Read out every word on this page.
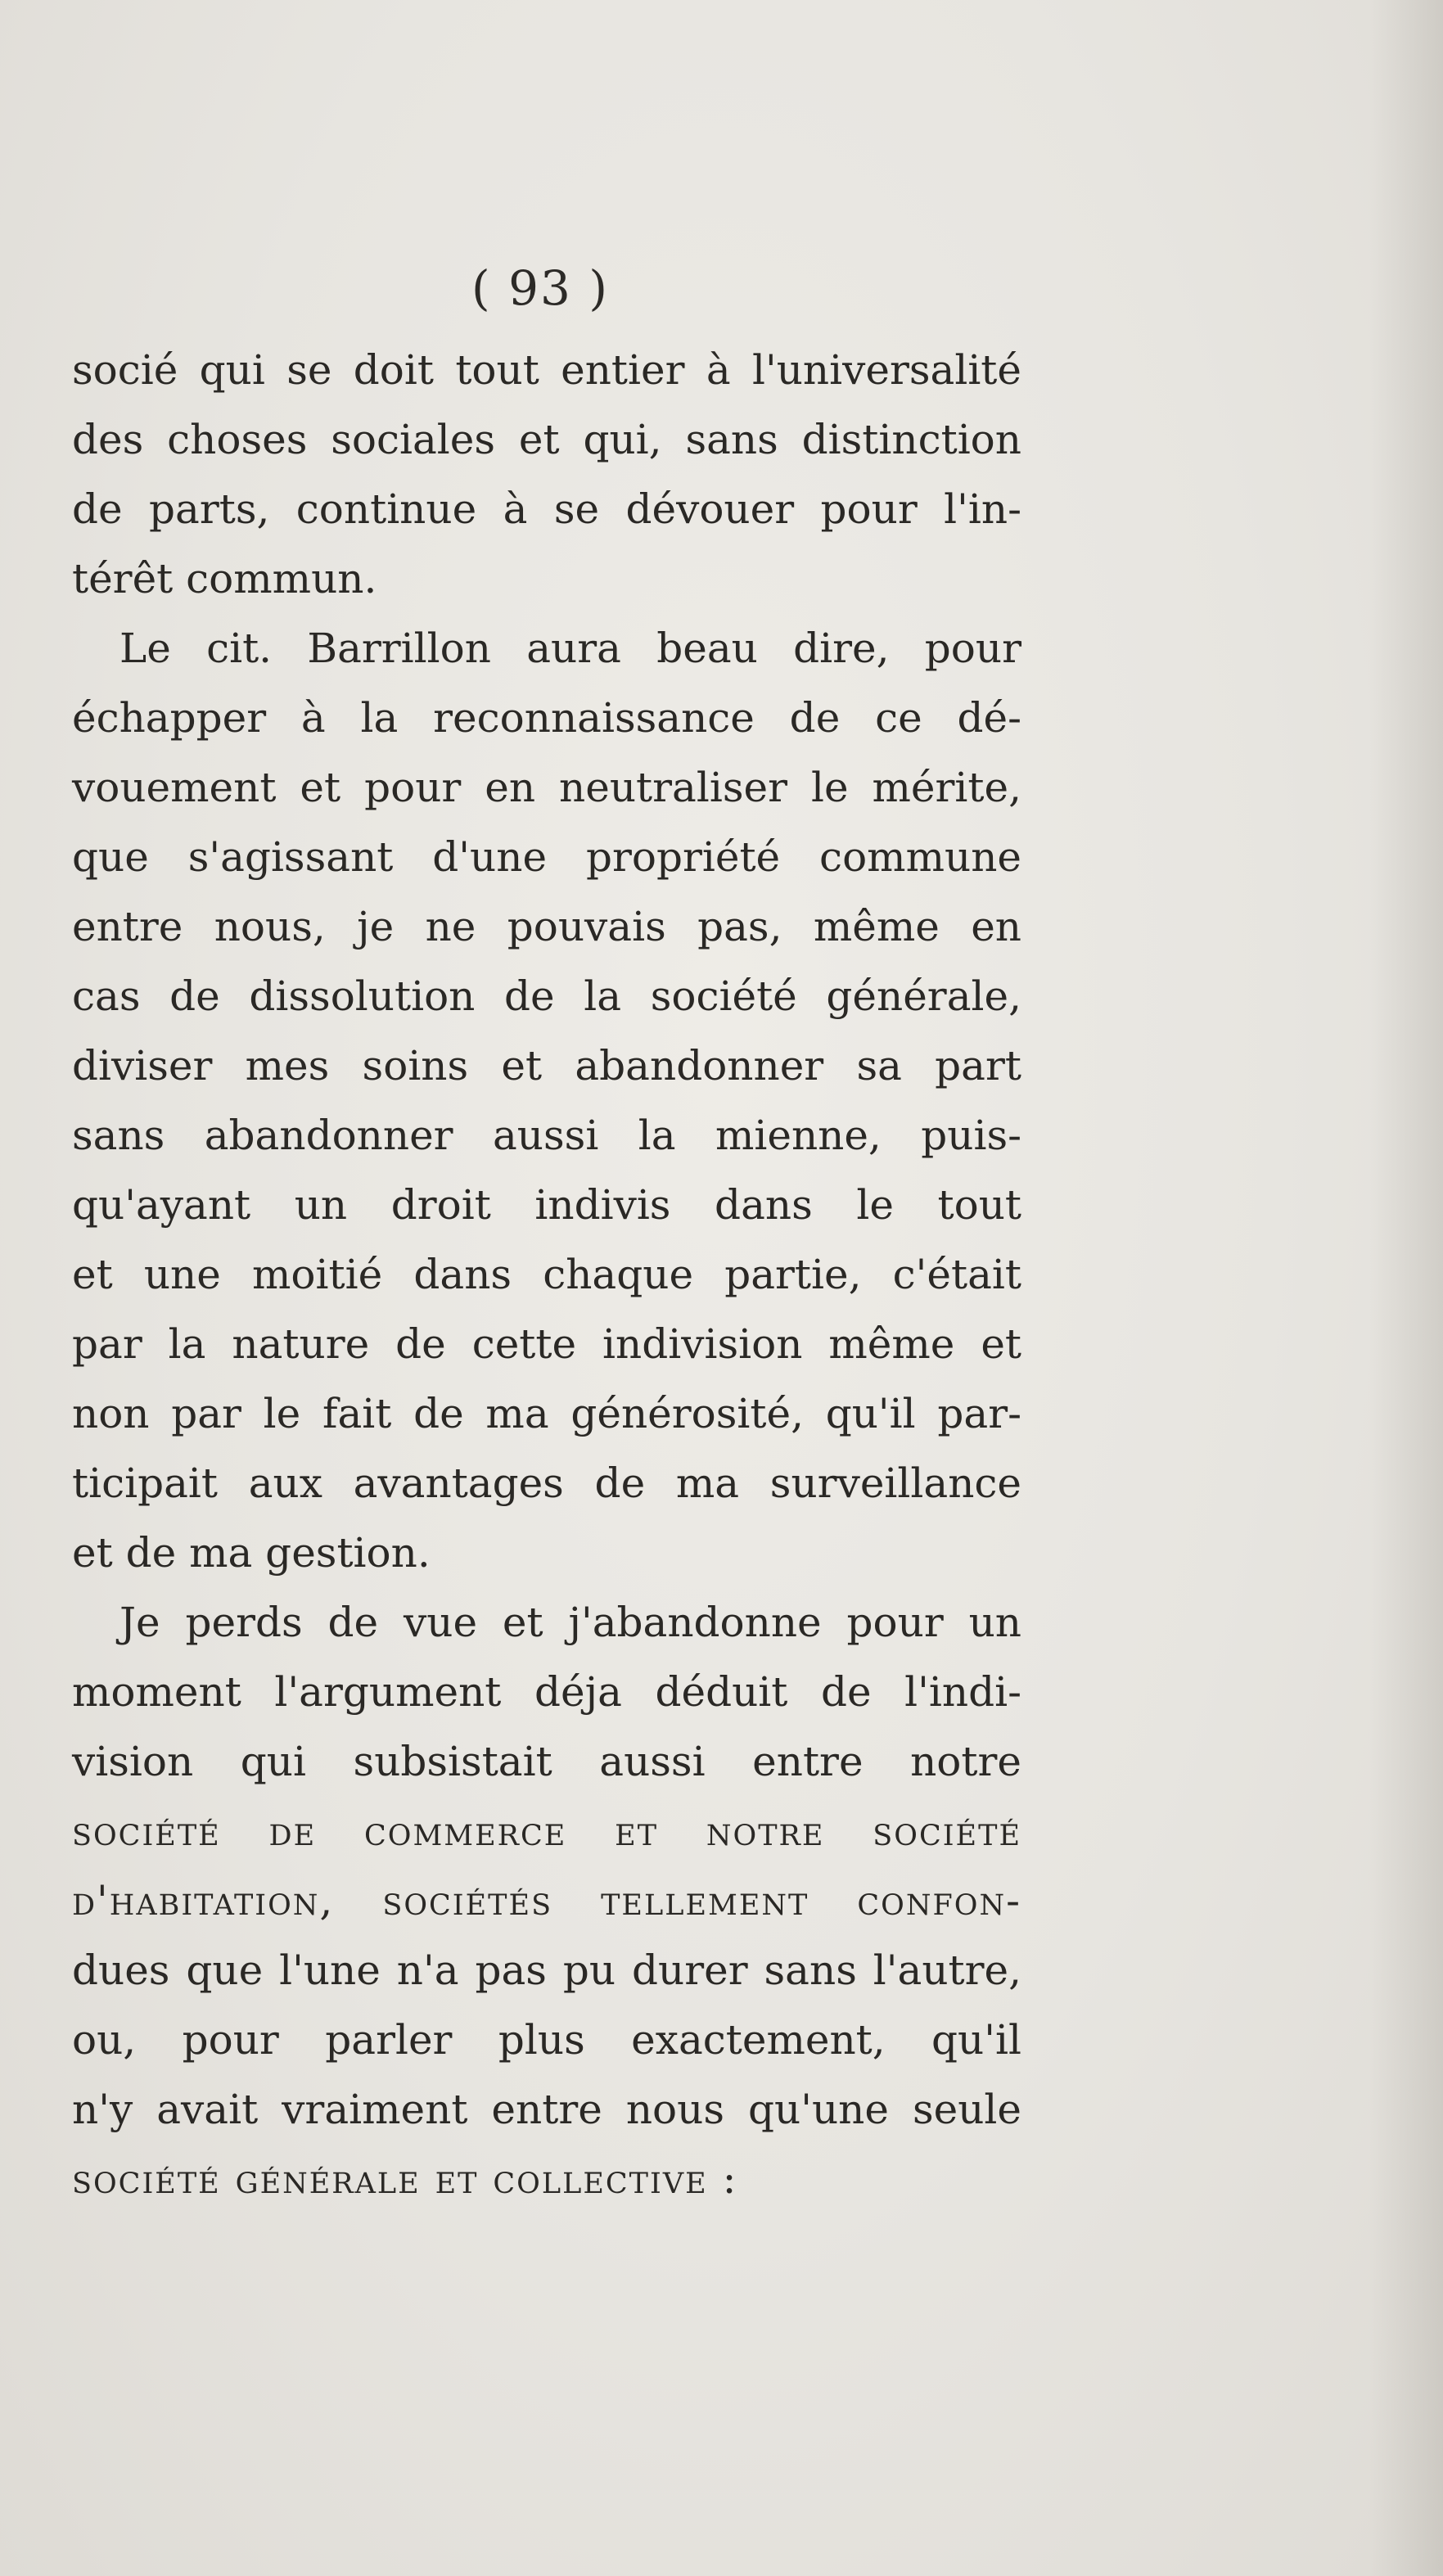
( 93 )

socié qui se doit tout entier à l'universalité
des choses sociales et qui, sans distinction
de parts, continue à se dévouer pour l'in-
térêt commun.

Le cit. Barrillon aura beau dire, pour
échapper à la reconnaissance de ce dé-
vouement et pour en neutraliser le mérite,
que s'agissant d'une propriété commune
entre nous, je ne pouvais pas, même en
cas de dissolution de la société générale,
diviser mes soins et abandonner sa part
sans abandonner aussi la mienne, puis-
qu'ayant un droit indivis dans le tout
et une moitié dans chaque partie, c'était
par la nature de cette indivision même et
non par le fait de ma générosité, qu'il par-
ticipait aux avantages de ma surveillance
et de ma gestion.

Je perds de vue et j'abandonne pour un
moment l'argument déja déduit de l'indi-
vision qui subsistait aussi entre notre
société de commerce et notre société
d'habitation, sociétés tellement confon-
dues que l'une n'a pas pu durer sans l'autre,
ou, pour parler plus exactement, qu'il
n'y avait vraiment entre nous qu'une seule
société générale et collective :
